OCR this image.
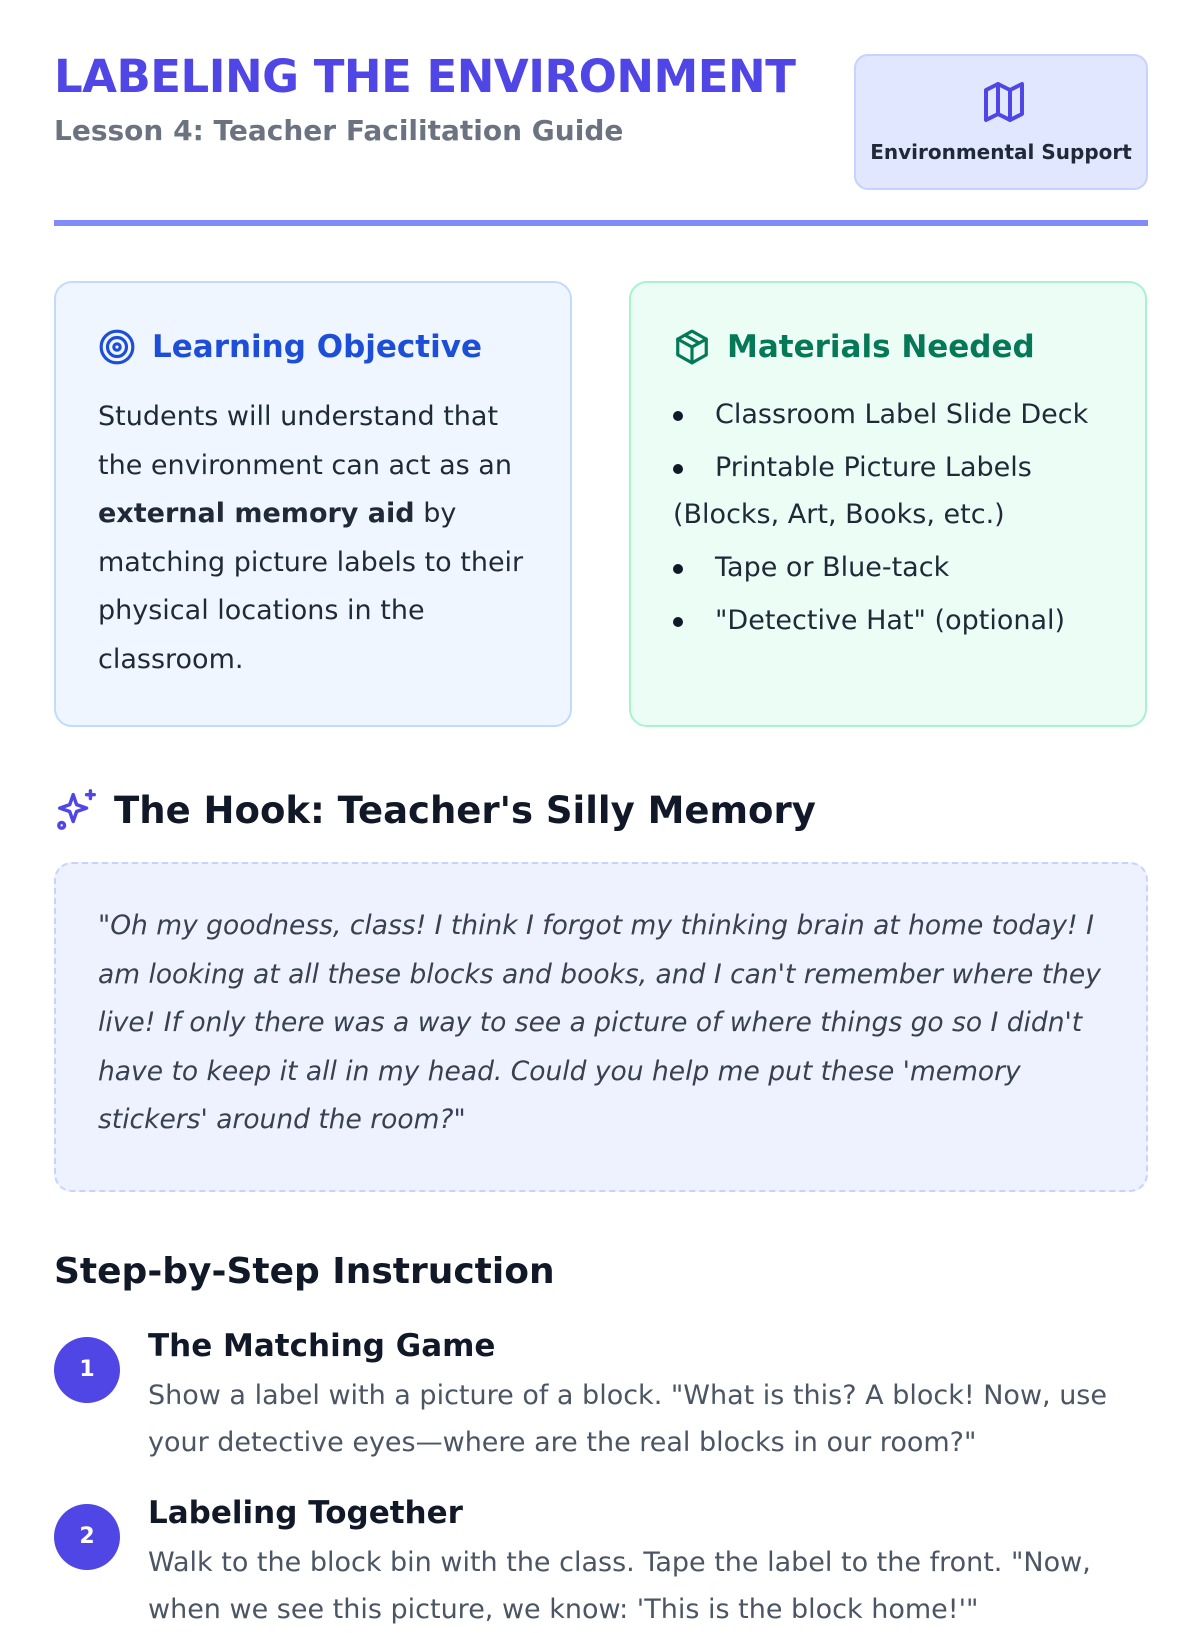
LABELING THE ENVIRONMENT
Lesson 4: Teacher Facilitation Guide
Environmental Support
Learning Objective
Students will understand that the environment can act as an external memory aid by matching picture labels to their physical locations in the classroom.
Materials Needed
Classroom Label Slide Deck
Printable Picture Labels (Blocks, Art, Books, etc.)
Tape or Blue-tack
"Detective Hat" (optional)
The Hook: Teacher's Silly Memory
"Oh my goodness, class! I think I forgot my thinking brain at home today! I am looking at all these blocks and books, and I can't remember where they live! If only there was a way to see a picture of where things go so I didn't have to keep it all in my head. Could you help me put these 'memory stickers' around the room?"
Step-by-Step Instruction
1
The Matching Game
Show a label with a picture of a block. "What is this? A block! Now, use your detective eyes—where are the real blocks in our room?"
2
Labeling Together
Walk to the block bin with the class. Tape the label to the front. "Now, when we see this picture, we know: 'This is the block home!'"
